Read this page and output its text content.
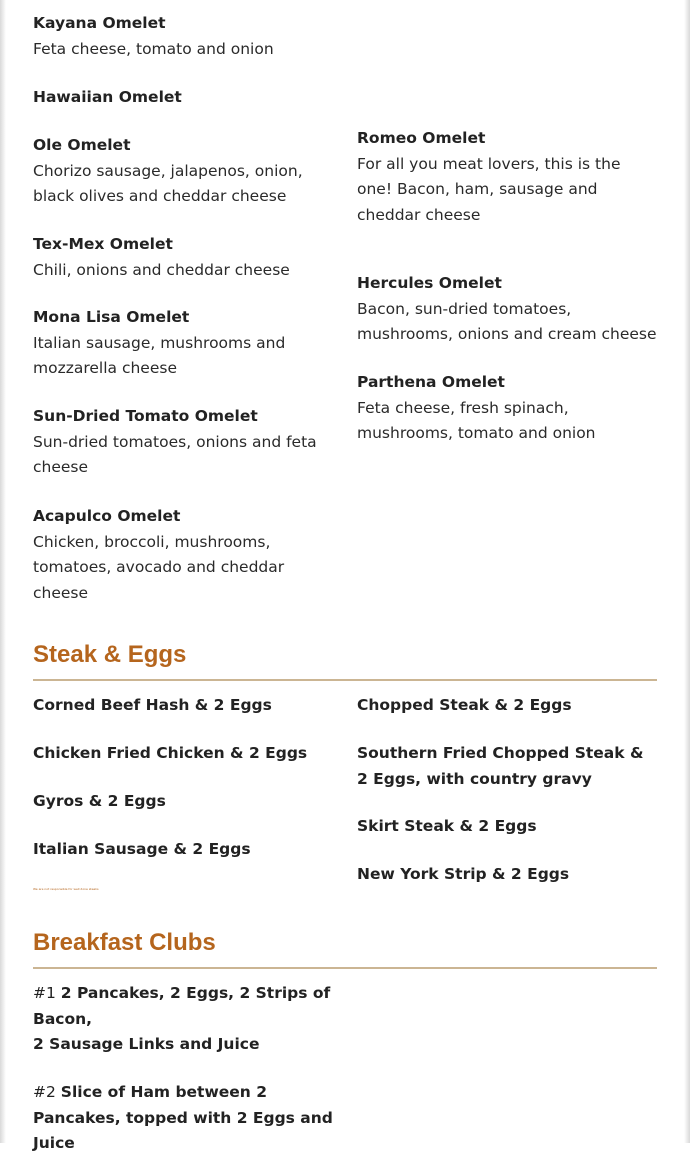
Kayana Omelet
Feta cheese, tomato and onion
Hawaiian Omelet
Ole Omelet
Chorizo sausage, jalapenos, onion, black olives and cheddar cheese
Tex-Mex Omelet
Chili, onions and cheddar cheese
Mona Lisa Omelet
Italian sausage, mushrooms and mozzarella cheese
Sun-Dried Tomato Omelet
Sun-dried tomatoes, onions and feta cheese
Acapulco Omelet
Chicken, broccoli, mushrooms, tomatoes, avocado and cheddar cheese
Romeo Omelet
For all you meat lovers, this is the one! Bacon, ham, sausage and cheddar cheese
Hercules Omelet
Bacon, sun-dried tomatoes, mushrooms, onions and cream cheese
Parthena Omelet
Feta cheese, fresh spinach, mushrooms, tomato and onion
Steak & Eggs
Corned Beef Hash & 2 Eggs
Chicken Fried Chicken & 2 Eggs
Gyros & 2 Eggs
Italian Sausage & 2 Eggs
Chopped Steak & 2 Eggs
Southern Fried Chopped Steak & 2 Eggs, with country gravy
Skirt Steak & 2 Eggs
New York Strip & 2 Eggs
We are not responsible for well done steaks
Breakfast Clubs
#1 2 Pancakes, 2 Eggs, 2 Strips of Bacon,
2 Sausage Links and Juice
#2 Slice of Ham between 2 Pancakes, topped with 2 Eggs and Juice
